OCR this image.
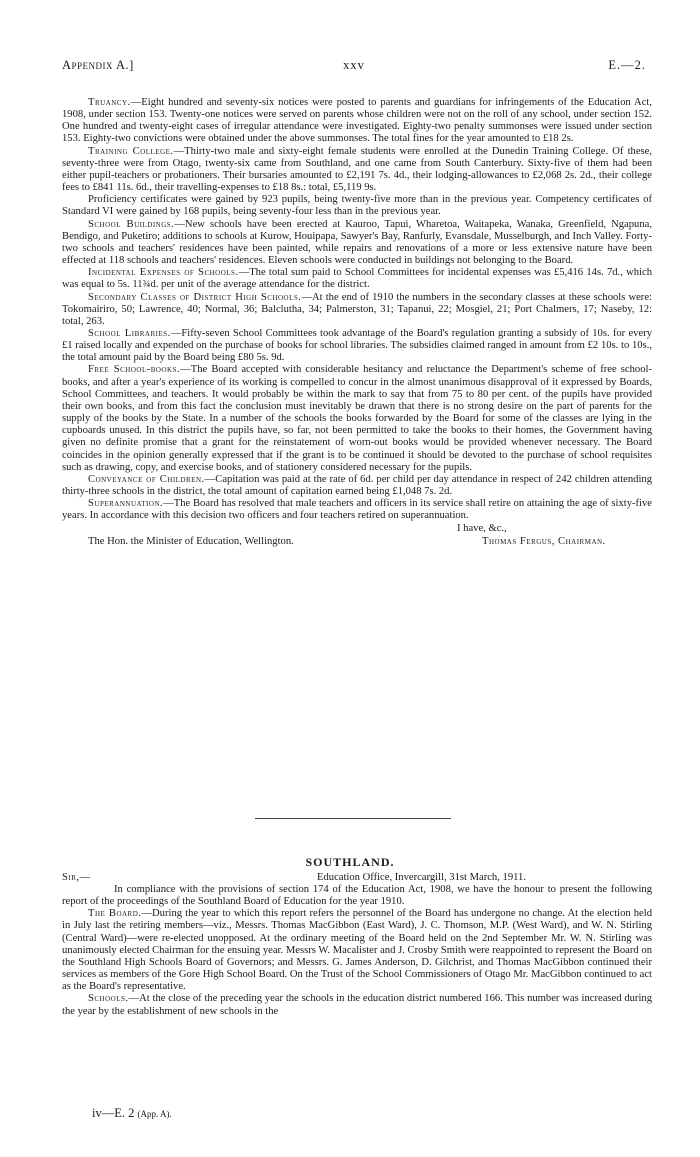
Appendix A.]	xxv	E.—2.

Truancy.—Eight hundred and seventy-six notices were posted to parents and guardians for infringements of the Education Act, 1908, under section 153. Twenty-one notices were served on parents whose children were not on the roll of any school, under section 152. One hundred and twenty-eight cases of irregular attendance were investigated. Eighty-two penalty summonses were issued under section 153. Eighty-two convictions were obtained under the above summonses. The total fines for the year amounted to £18 2s.

Training College.—Thirty-two male and sixty-eight female students were enrolled at the Dunedin Training College. Of these, seventy-three were from Otago, twenty-six came from Southland, and one came from South Canterbury. Sixty-five of them had been either pupil-teachers or probationers. Their bursaries amounted to £2,191 7s. 4d., their lodging-allowances to £2,068 2s. 2d., their college fees to £841 11s. 6d., their travelling-expenses to £18 8s.: total, £5,119 9s.

Proficiency certificates were gained by 923 pupils, being twenty-five more than in the previous year. Competency certificates of Standard VI were gained by 168 pupils, being seventy-four less than in the previous year.

School Buildings.—New schools have been erected at Kauroo, Tapui, Wharetoa, Waitapeka, Wanaka, Greenfield, Ngapuna, Bendigo, and Puketiro; additions to schools at Kurow, Houipapa, Sawyer's Bay, Ranfurly, Evansdale, Musselburgh, and Inch Valley. Forty-two schools and teachers' residences have been painted, while repairs and renovations of a more or less extensive nature have been effected at 118 schools and teachers' residences. Eleven schools were conducted in buildings not belonging to the Board.

Incidental Expenses of Schools.—The total sum paid to School Committees for incidental expenses was £5,416 14s. 7d., which was equal to 5s. 11¾d. per unit of the average attendance for the district.

Secondary Classes of District High Schools.—At the end of 1910 the numbers in the secondary classes at these schools were: Tokomairiro, 50; Lawrence, 40; Normal, 36; Balclutha, 34; Palmerston, 31; Tapanui, 22; Mosgiel, 21; Port Chalmers, 17; Naseby, 12: total, 263.

School Libraries.—Fifty-seven School Committees took advantage of the Board's regulation granting a subsidy of 10s. for every £1 raised locally and expended on the purchase of books for school libraries. The subsidies claimed ranged in amount from £2 10s. to 10s., the total amount paid by the Board being £80 5s. 9d.

Free School-books.—The Board accepted with considerable hesitancy and reluctance the Department's scheme of free school-books, and after a year's experience of its working is compelled to concur in the almost unanimous disapproval of it expressed by Boards, School Committees, and teachers. It would probably be within the mark to say that from 75 to 80 per cent. of the pupils have provided their own books, and from this fact the conclusion must inevitably be drawn that there is no strong desire on the part of parents for the supply of the books by the State. In a number of the schools the books forwarded by the Board for some of the classes are lying in the cupboards unused. In this district the pupils have, so far, not been permitted to take the books to their homes, the Government having given no definite promise that a grant for the reinstatement of worn-out books would be provided whenever necessary. The Board coincides in the opinion generally expressed that if the grant is to be continued it should be devoted to the purchase of school requisites such as drawing, copy, and exercise books, and of stationery considered necessary for the pupils.

Conveyance of Children.—Capitation was paid at the rate of 6d. per child per day attendance in respect of 242 children attending thirty-three schools in the district, the total amount of capitation earned being £1,048 7s. 2d.

Superannuation.—The Board has resolved that male teachers and officers in its service shall retire on attaining the age of sixty-five years. In accordance with this decision two officers and four teachers retired on superannuation.

I have, &c.,
The Hon. the Minister of Education, Wellington.	Thomas Fergus, Chairman.
SOUTHLAND.
Sir,—	Education Office, Invercargill, 31st March, 1911.

In compliance with the provisions of section 174 of the Education Act, 1908, we have the honour to present the following report of the proceedings of the Southland Board of Education for the year 1910.

The Board.—During the year to which this report refers the personnel of the Board has undergone no change. At the election held in July last the retiring members—viz., Messrs. Thomas MacGibbon (East Ward), J. C. Thomson, M.P. (West Ward), and W. N. Stirling (Central Ward)—were re-elected unopposed. At the ordinary meeting of the Board held on the 2nd September Mr. W. N. Stirling was unanimously elected Chairman for the ensuing year. Messrs W. Macalister and J. Crosby Smith were reappointed to represent the Board on the Southland High Schools Board of Governors; and Messrs. G. James Anderson, D. Gilchrist, and Thomas MacGibbon continued their services as members of the Gore High School Board. On the Trust of the School Commissioners of Otago Mr. MacGibbon continued to act as the Board's representative.

Schools.—At the close of the preceding year the schools in the education district numbered 166. This number was increased during the year by the establishment of new schools in the

iv—E. 2 (App. A).
